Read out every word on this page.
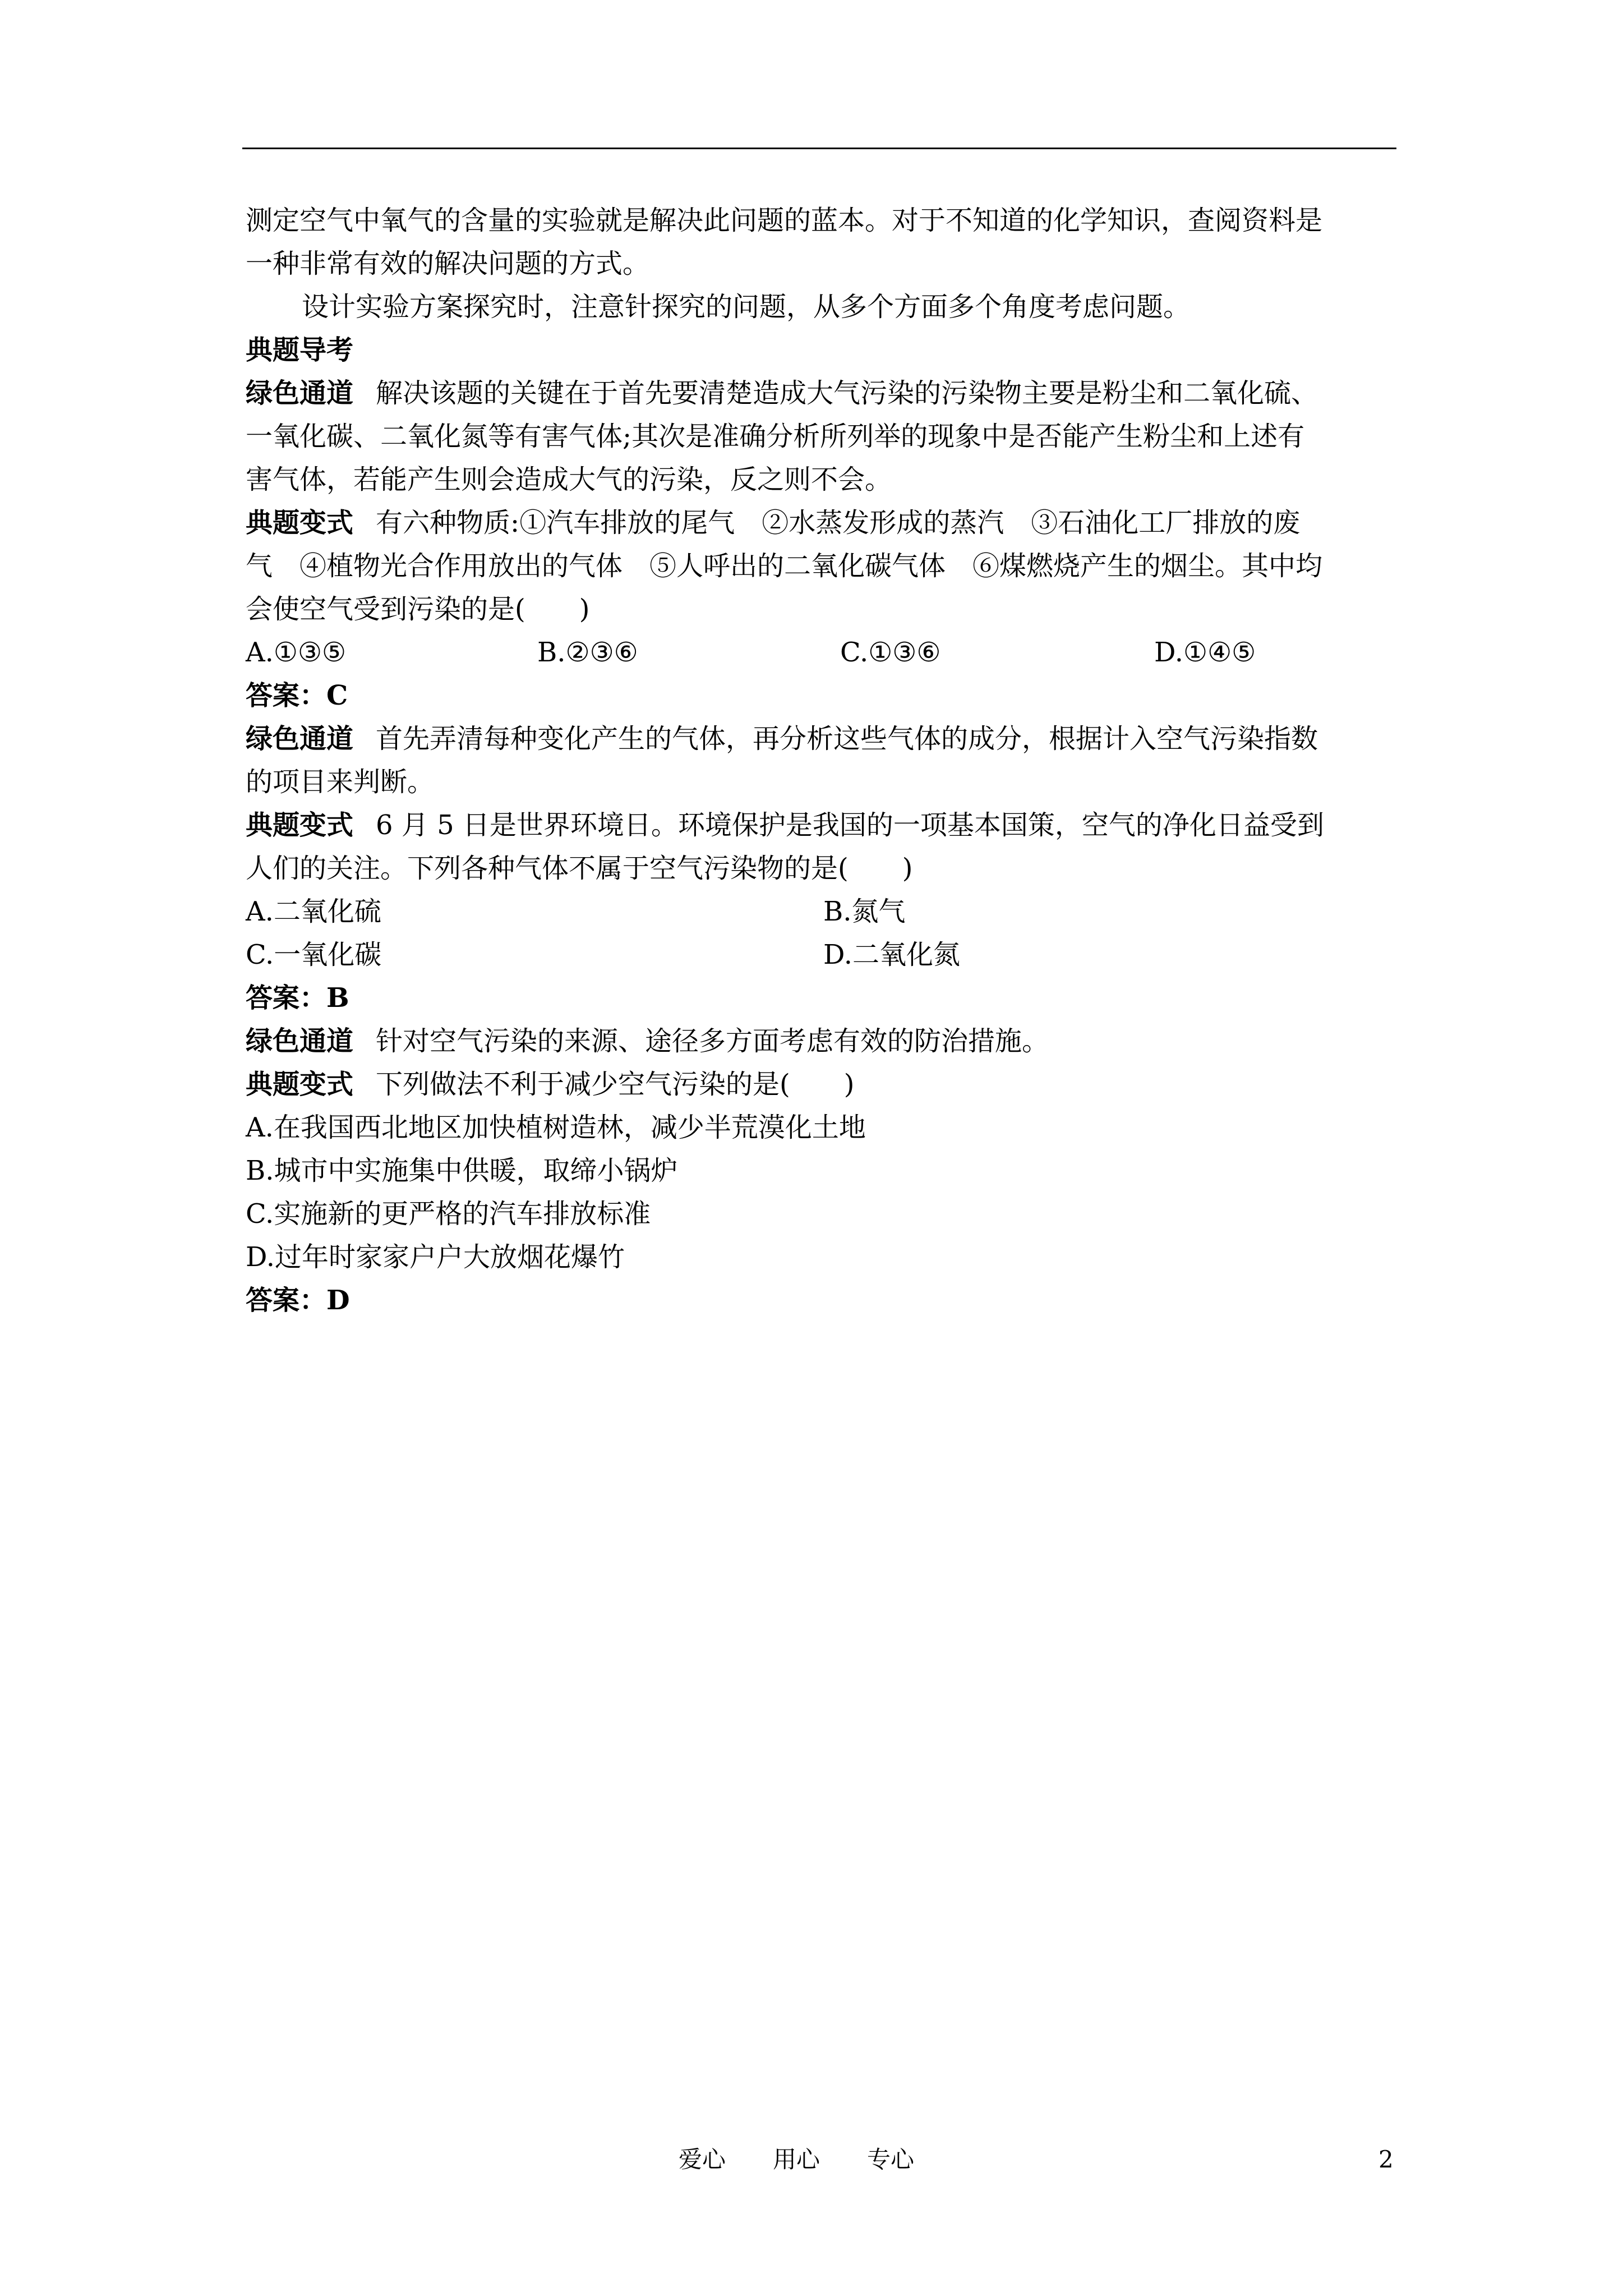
测定空气中氧气的含量的实验就是解决此问题的蓝本。对于不知道的化学知识，查阅资料是

一种非常有效的解决问题的方式。

设计实验方案探究时，注意针探究的问题，从多个方面多个角度考虑问题。

典题导考

绿色通道 解决该题的关键在于首先要清楚造成大气污染的污染物主要是粉尘和二氧化硫、

一氧化碳、二氧化氮等有害气体;其次是准确分析所列举的现象中是否能产生粉尘和上述有

害气体，若能产生则会造成大气的污染，反之则不会。

典题变式 有六种物质:①汽车排放的尾气　②水蒸发形成的蒸汽　③石油化工厂排放的废

气　④植物光合作用放出的气体　⑤人呼出的二氧化碳气体　⑥煤燃烧产生的烟尘。其中均

会使空气受到污染的是(　　)

A.①③⑤	B.②③⑥	C.①③⑥	D.①④⑤

答案：C

绿色通道 首先弄清每种变化产生的气体，再分析这些气体的成分，根据计入空气污染指数

的项目来判断。

典题变式 6 月 5 日是世界环境日。环境保护是我国的一项基本国策，空气的净化日益受到

人们的关注。下列各种气体不属于空气污染物的是(　　)

A.二氧化硫	B.氮气

C.一氧化碳	D.二氧化氮

答案：B

绿色通道 针对空气污染的来源、途径多方面考虑有效的防治措施。

典题变式 下列做法不利于减少空气污染的是(　　)

A.在我国西北地区加快植树造林，减少半荒漠化土地

B.城市中实施集中供暖，取缔小锅炉

C.实施新的更严格的汽车排放标准

D.过年时家家户户大放烟花爆竹

答案：D

爱心　　用心　　专心	2
